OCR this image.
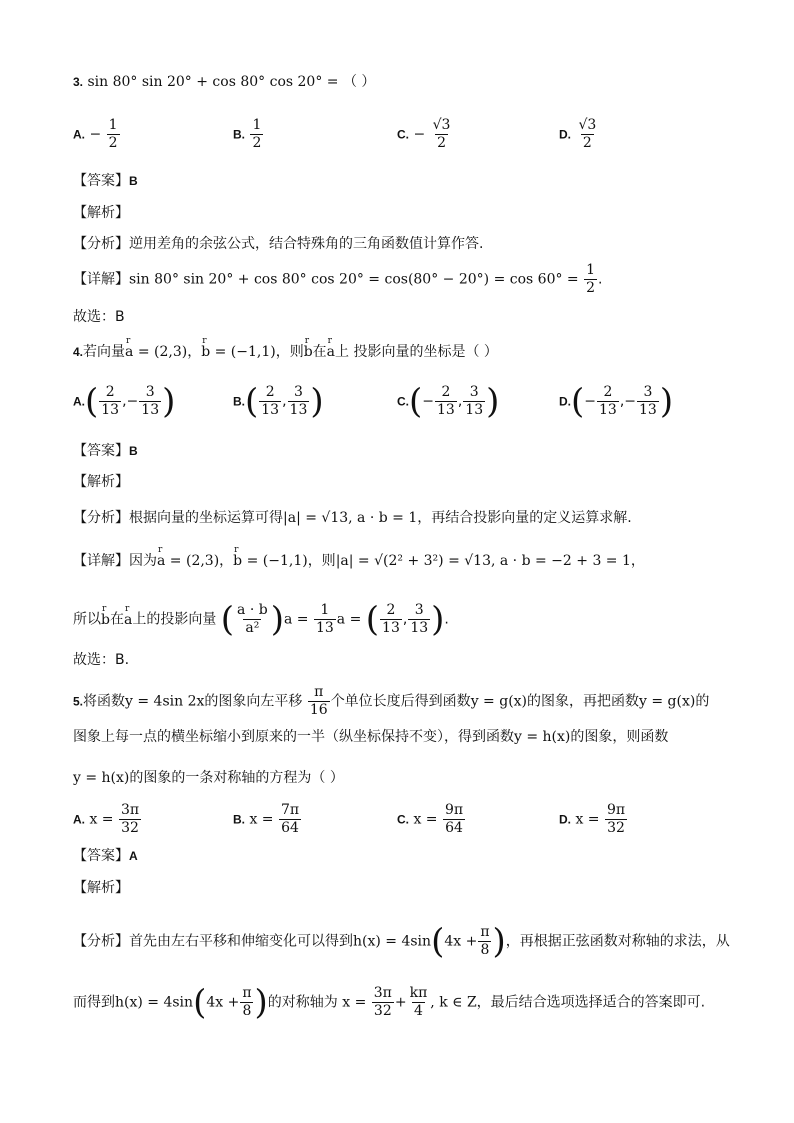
3. sin 80° sin 20° + cos 80° cos 20° = （ ）
A. − $\frac{1}{2}$	B. $\frac{1}{2}$	C. − $\frac{√3}{2}$	D. $\frac{√3}{2}$
【答案】B
【解析】
【分析】逆用差角的余弦公式，结合特殊角的三角函数值计算作答.
【详解】sin 80° sin 20° + cos 80° $\cos 20^\circ = \cos(80^\circ - 20^\circ) = \cos 60^\circ = \frac{1}{2}$ .
故选：B
4.若向量r a = (2,3)，r b = (−1,1)，则r b在r a上 投影向量的坐标是（ ）
$A.( \frac{2}{13}$ ,− $\frac{3}{13}$ )	$B.( \frac{2}{13}$ , $\frac{3}{13}$ )	$C.(- \frac{2}{13}$ , $\frac{3}{13}$ )	$D.(- \frac{2}{13}$ ,− $\frac{3}{13}$ )
【答案】B
【解析】
【分析】根据向量的坐标运算可得|a| = √13, a · b = 1，再结合投影向量的定义运算求解.
【详解】因为r a = (2,3)，r b = (−1,1)，则|a| = √(2² + 3²) = √13, a · b = −2 + 3 = 1，
所以r b在r a上的投影向量 ( $\frac{a \cdot b}{\text{a²}} )a = \frac{1}{13}$ a = ( $\frac{2}{13}$ , $\frac{3}{13}$ ).
故选：B.
5.将函数y = 4sin 2x的图象向左平移 $\frac{\pi}{16}$ 个单位长度后得到函数y = g(x)的图象，再把函数y = g(x)的
图象上每一点的横坐标缩小到原来的一半（纵坐标保持不变），得到函数y = h(x)的图象，则函数
y = h(x)的图象的一条对称轴的方程为（ ）
A. $x = \frac{3\pi}{32}$	B. $x = \frac{7\pi}{64}$	C. $x = \frac{9\pi}{64}$	D. $x = \frac{9\pi}{32}$
【答案】A
【解析】
【分析】首先由左右平移和伸缩变化可以得到$h(x) = 4\sin(4x + \frac{\pi}{8}$ )，再根据正弦函数对称轴的求法，从
而得到$h(x) = 4\sin(4x + \frac{\pi}{8}$ )的对称轴为 $x = \frac{3\pi}{32} + \frac{k\pi}{4}$ , k ∈ Z，最后结合选项选择适合的答案即可.
